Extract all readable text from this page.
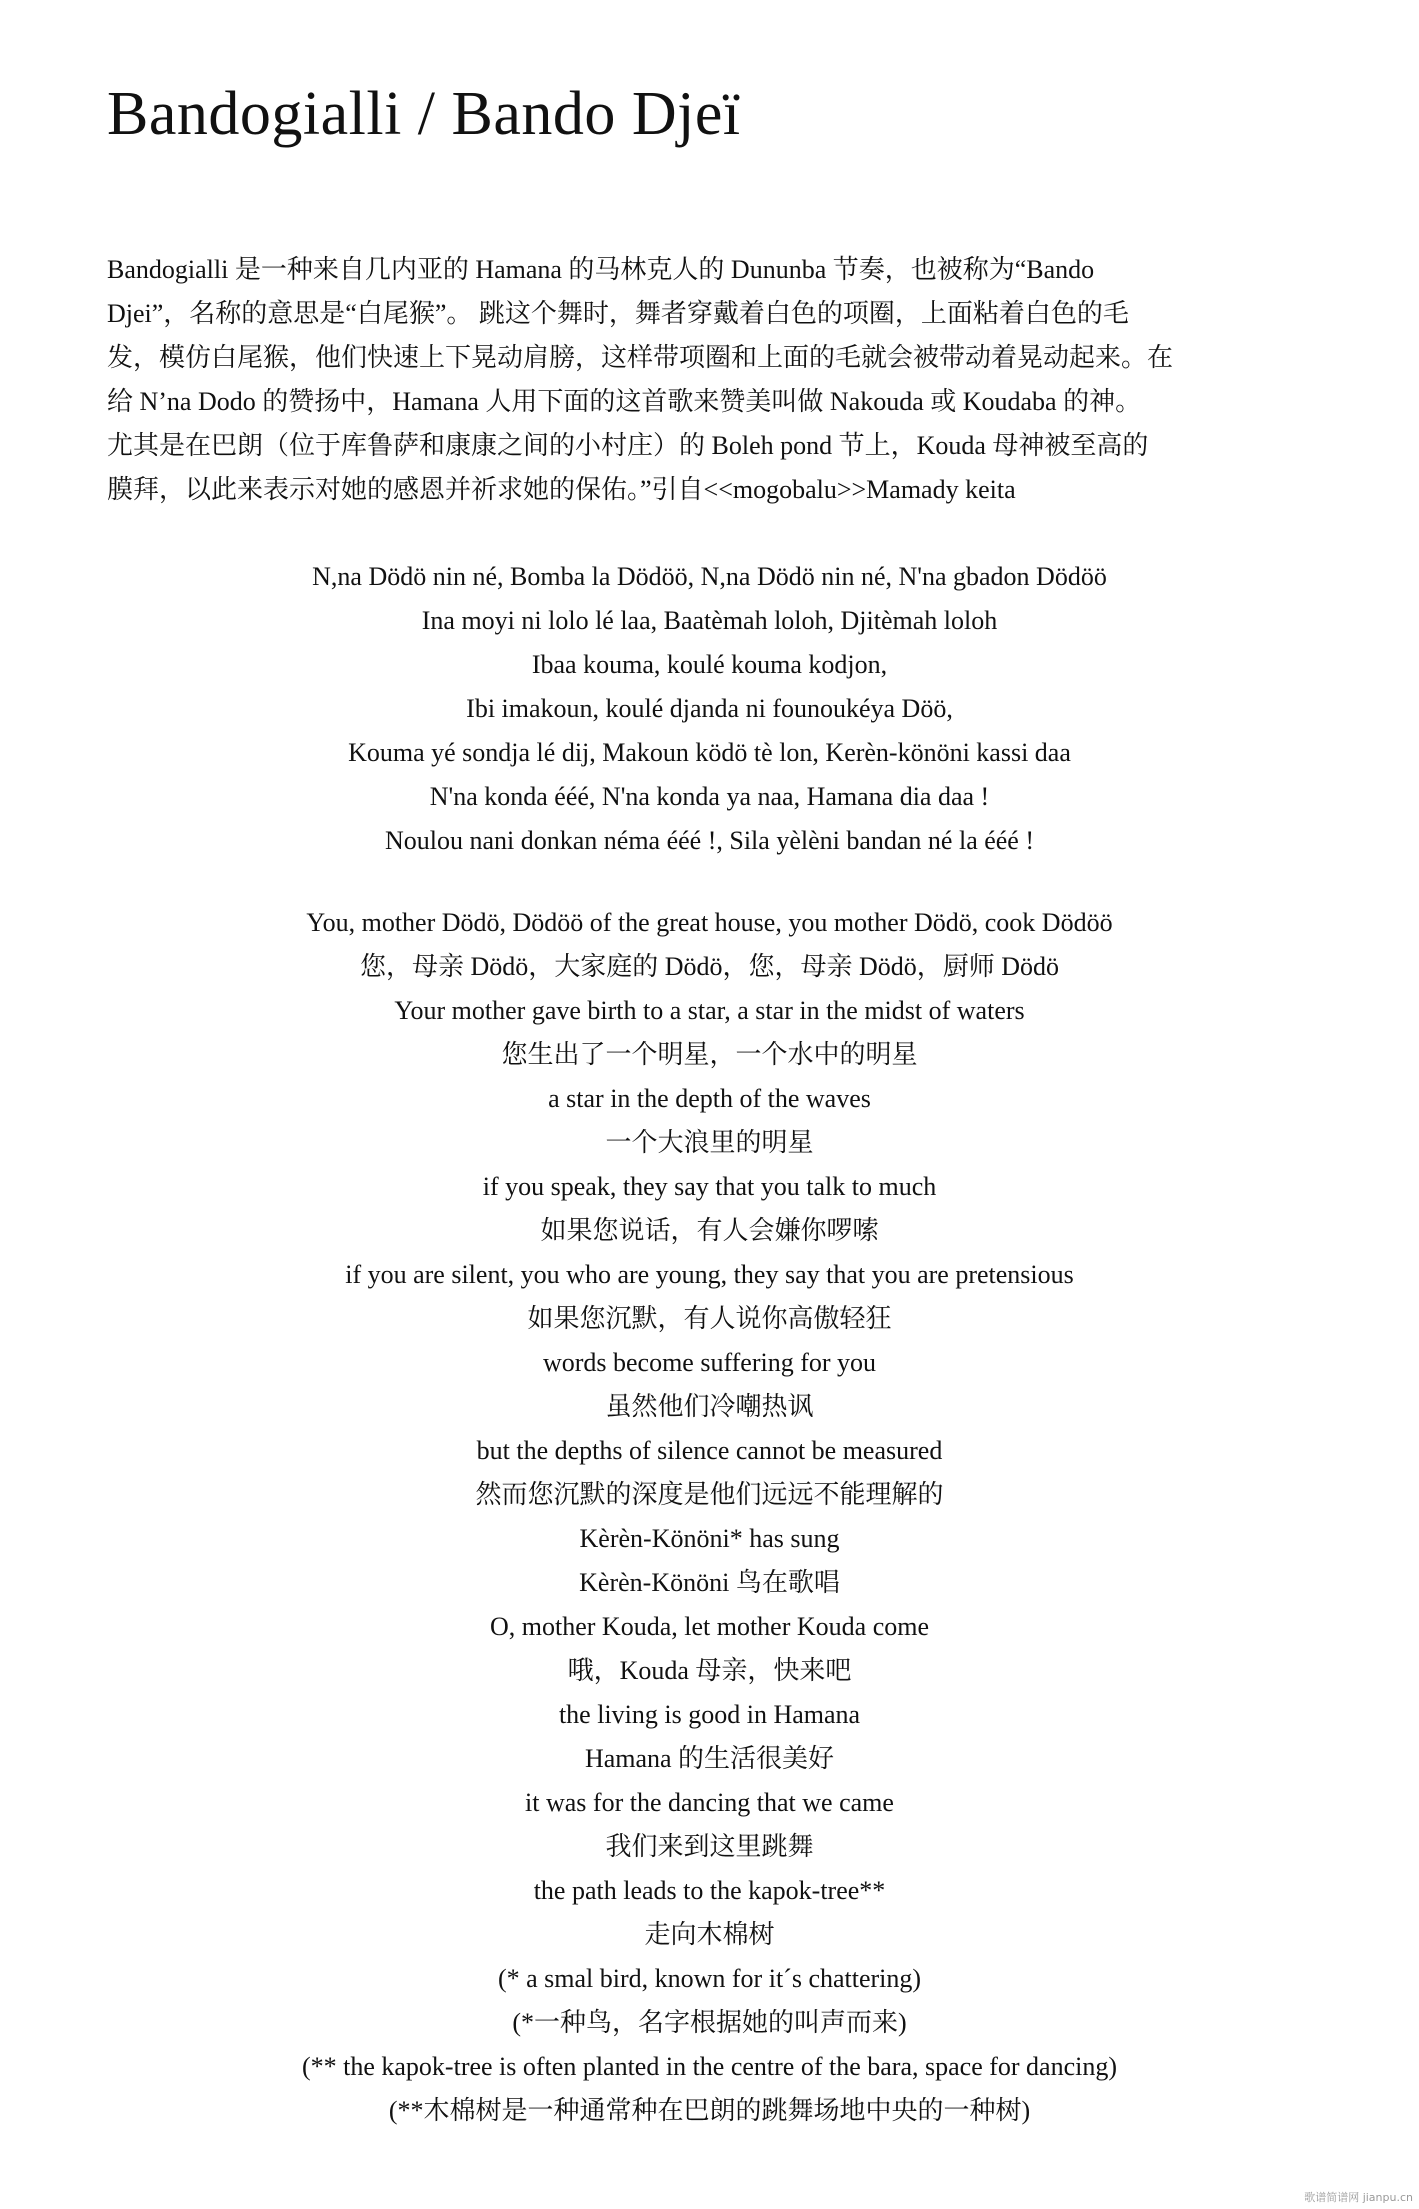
Bandogialli / Bando Djeï
Bandogialli 是一种来自几内亚的 Hamana 的马林克人的 Dununba 节奏，也被称为“Bando
Djei”，名称的意思是“白尾猴”。 跳这个舞时，舞者穿戴着白色的项圈，上面粘着白色的毛
发，模仿白尾猴，他们快速上下晃动肩膀，这样带项圈和上面的毛就会被带动着晃动起来。在
给 N’na Dodo 的赞扬中，Hamana 人用下面的这首歌来赞美叫做 Nakouda 或 Koudaba 的神。
尤其是在巴朗（位于库鲁萨和康康之间的小村庄）的 Boleh pond 节上，Kouda 母神被至高的
膜拜，以此来表示对她的感恩并祈求她的保佑。”引自<<mogobalu>>Mamady keita
N,na Dödö nin né, Bomba la Dödöö, N,na Dödö nin né, N'na gbadon Dödöö
Ina moyi ni lolo lé laa, Baatèmah loloh, Djitèmah loloh
Ibaa kouma, koulé kouma kodjon,
Ibi imakoun, koulé djanda ni founoukéya Döö,
Kouma yé sondja lé dij, Makoun ködö tè lon, Kerèn-könöni kassi daa
N'na konda ééé, N'na konda ya naa, Hamana dia daa !
Noulou nani donkan néma ééé !, Sila yèlèni bandan né la ééé !
You, mother Dödö, Dödöö of the great house, you mother Dödö, cook Dödöö
您，母亲 Dödö，大家庭的 Dödö，您，母亲 Dödö，厨师 Dödö
Your mother gave birth to a star, a star in the midst of waters
您生出了一个明星，一个水中的明星
a star in the depth of the waves
一个大浪里的明星
if you speak, they say that you talk to much
如果您说话，有人会嫌你啰嗦
if you are silent, you who are young, they say that you are pretensious
如果您沉默，有人说你高傲轻狂
words become suffering for you
虽然他们冷嘲热讽
but the depths of silence cannot be measured
然而您沉默的深度是他们远远不能理解的
Kèrèn-Könöni* has sung
Kèrèn-Könöni 鸟在歌唱
O, mother Kouda, let mother Kouda come
哦，Kouda 母亲，快来吧
the living is good in Hamana
Hamana 的生活很美好
it was for the dancing that we came
我们来到这里跳舞
the path leads to the kapok-tree**
走向木棉树
(* a smal bird, known for it´s chattering)
(*一种鸟，名字根据她的叫声而来)
(** the kapok-tree is often planted in the centre of the bara, space for dancing)
(**木棉树是一种通常种在巴朗的跳舞场地中央的一种树)
歌谱简谱网 jianpu.cn
